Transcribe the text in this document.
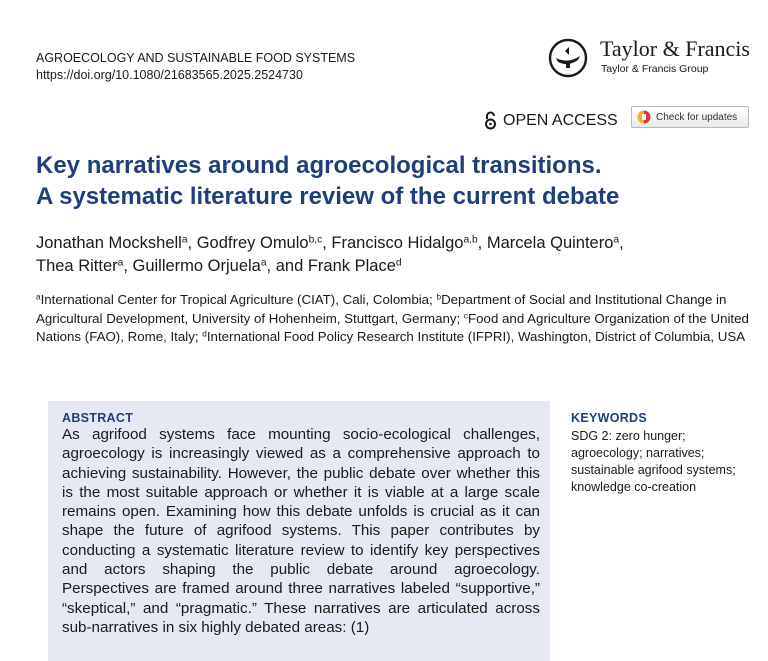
AGROECOLOGY AND SUSTAINABLE FOOD SYSTEMS
https://doi.org/10.1080/21683565.2025.2524730
Taylor & Francis
Taylor & Francis Group
OPEN ACCESS	Check for updates
Key narratives around agroecological transitions.
A systematic literature review of the current debate
Jonathan Mockshell$^a$, Godfrey Omulo$^{b,c}$, Francisco Hidalgo$^{a,b}$, Marcela Quintero$^a$,
Thea Ritter$^a$, Guillermo Orjuela$^a$, and Frank Place$^d$
$^a$International Center for Tropical Agriculture (CIAT), Cali, Colombia; $^b$Department of Social and Institutional Change in Agricultural Development, University of Hohenheim, Stuttgart, Germany; $^c$Food and Agriculture Organization of the United Nations (FAO), Rome, Italy; $^d$International Food Policy Research Institute (IFPRI), Washington, District of Columbia, USA
ABSTRACT
As agrifood systems face mounting socio-ecological challenges, agroecology is increasingly viewed as a comprehensive approach to achieving sustainability. However, the public debate over whether this is the most suitable approach or whether it is viable at a large scale remains open. Examining how this debate unfolds is crucial as it can shape the future of agrifood systems. This paper contributes by conducting a systematic literature review to identify key perspectives and actors shaping the public debate around agroecology. Perspectives are framed around three narratives labeled “supportive,” “skeptical,” and “pragmatic.” These narratives are articulated across sub-narratives in six highly debated areas: (1)
KEYWORDS
SDG 2: zero hunger; agroecology; narratives; sustainable agrifood systems; knowledge co-creation
